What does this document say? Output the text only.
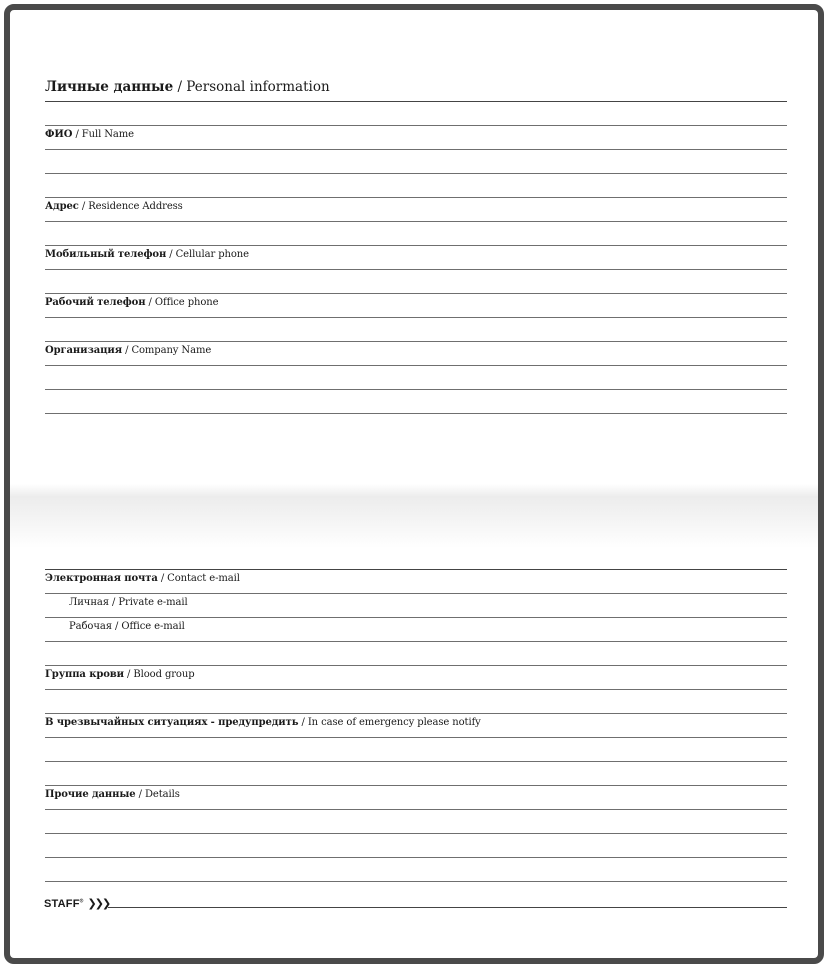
Личные данные / Personal information
ФИО / Full Name
Адрес / Residence Address
Мобильный телефон / Cellular phone
Рабочий телефон / Office phone
Организация / Company Name
Электронная почта / Contact e-mail
Личная / Private e-mail
Рабочая / Office e-mail
Группа крови / Blood group
В чрезвычайных ситуациях - предупредить / In case of emergency please notify
Прочие данные / Details
STAFF® ❯❯❯
